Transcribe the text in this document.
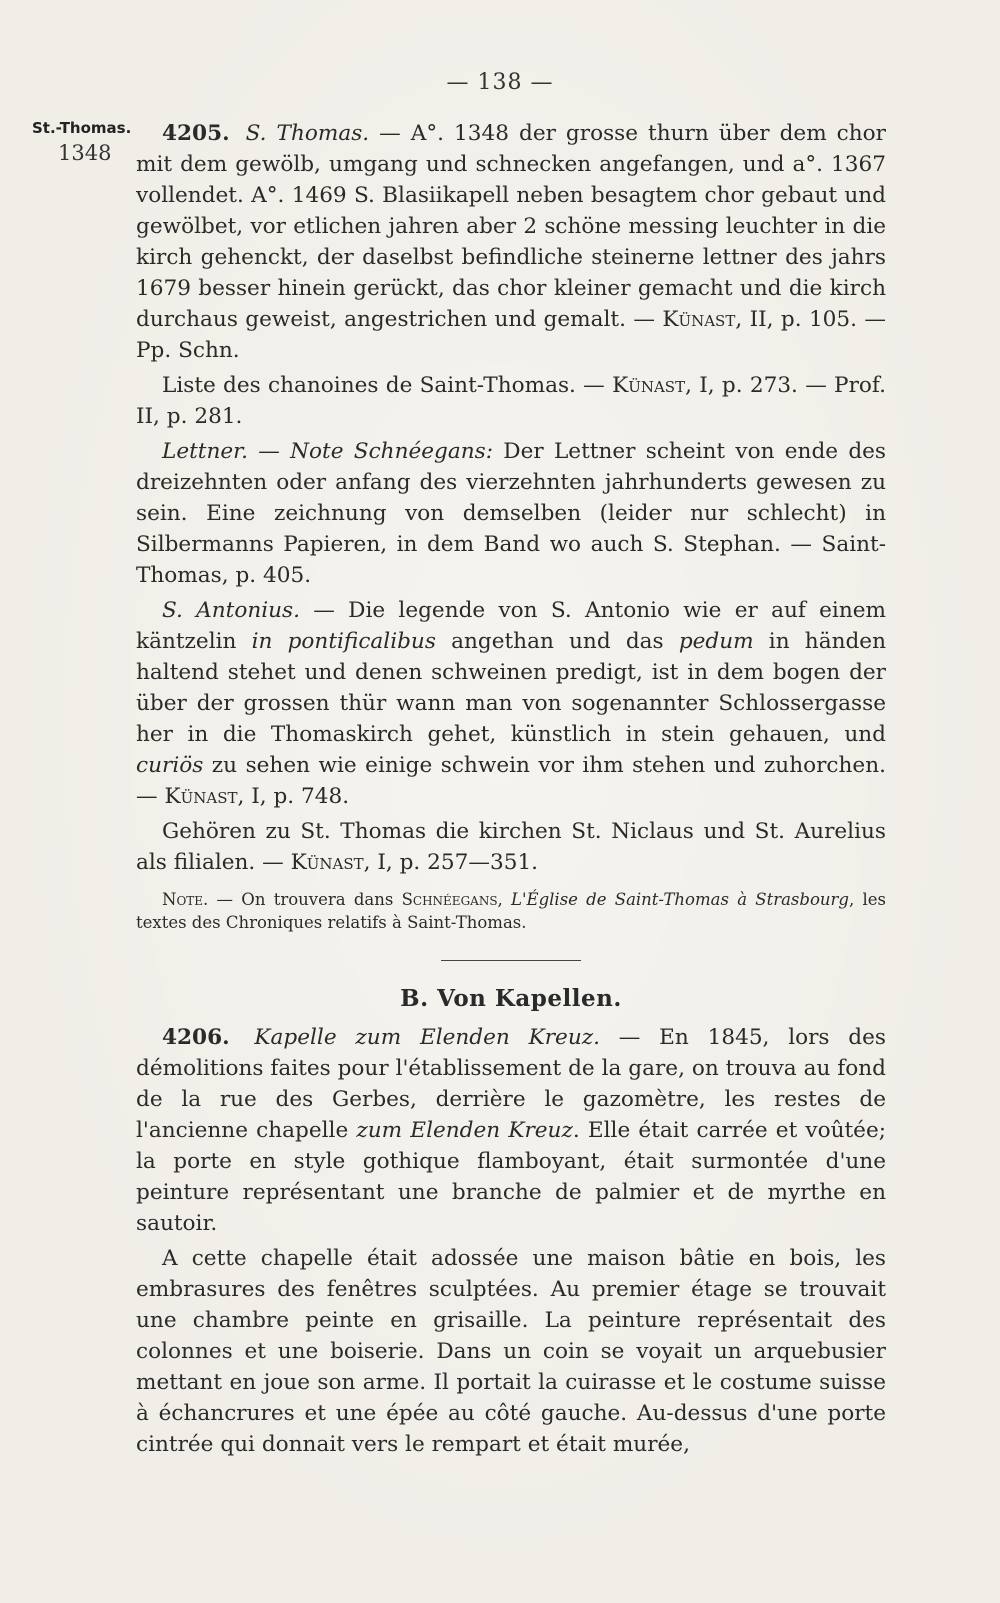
— 138 —
St.-Thomas.
1348

4205. S. Thomas. — A°. 1348 der grosse thurn über dem chor mit dem gewölb, umgang und schnecken angefangen, und a°. 1367 vollendet. A°. 1469 S. Blasiikapell neben besagtem chor gebaut und gewölbet, vor etlichen jahren aber 2 schöne messing leuchter in die kirch gehenckt, der daselbst befindliche steinerne lettner des jahrs 1679 besser hinein gerückt, das chor kleiner gemacht und die kirch durchaus geweist, angestrichen und gemalt. — Künast, II, p. 105. — Pp. Schn.

Liste des chanoines de Saint-Thomas. — Künast, I, p. 273. — Prof. II, p. 281.

Lettner. — Note Schnéegans: Der Lettner scheint von ende des dreizehnten oder anfang des vierzehnten jahrhunderts gewesen zu sein. Eine zeichnung von demselben (leider nur schlecht) in Silbermanns Papieren, in dem Band wo auch S. Stephan. — Saint-Thomas, p. 405.

S. Antonius. — Die legende von S. Antonio wie er auf einem käntzelin in pontificalibus angethan und das pedum in händen haltend stehet und denen schweinen predigt, ist in dem bogen der über der grossen thür wann man von sogenannter Schlossergasse her in die Thomaskirch gehet, künstlich in stein gehauen, und curiös zu sehen wie einige schwein vor ihm stehen und zuhorchen. — Künast, I, p. 748.

Gehören zu St. Thomas die kirchen St. Niclaus und St. Aurelius als filialen. — Künast, I, p. 257—351.

Note. — On trouvera dans Schnéegans, L'Église de Saint-Thomas à Strasbourg, les textes des Chroniques relatifs à Saint-Thomas.

B. Von Kapellen.

4206. Kapelle zum Elenden Kreuz. — En 1845, lors des démolitions faites pour l'établissement de la gare, on trouva au fond de la rue des Gerbes, derrière le gazomètre, les restes de l'ancienne chapelle zum Elenden Kreuz. Elle était carrée et voûtée; la porte en style gothique flamboyant, était surmontée d'une peinture représentant une branche de palmier et de myrthe en sautoir.

A cette chapelle était adossée une maison bâtie en bois, les embrasures des fenêtres sculptées. Au premier étage se trouvait une chambre peinte en grisaille. La peinture représentait des colonnes et une boiserie. Dans un coin se voyait un arquebusier mettant en joue son arme. Il portait la cuirasse et le costume suisse à échancrures et une épée au côté gauche. Au-dessus d'une porte cintrée qui donnait vers le rempart et était murée,
